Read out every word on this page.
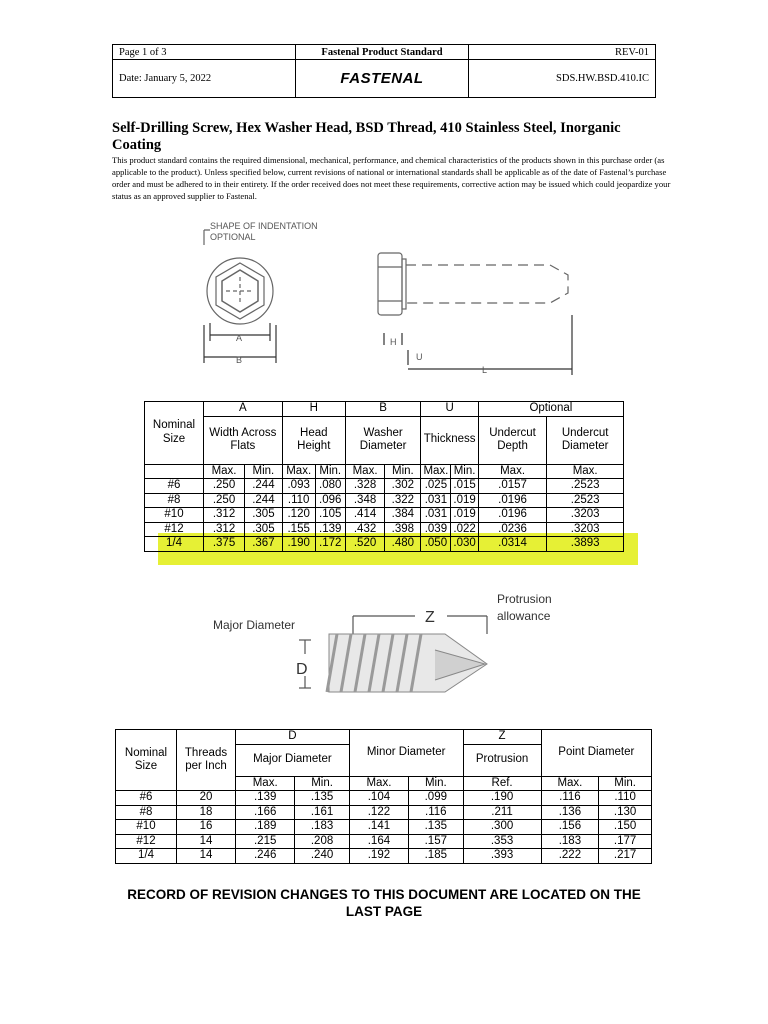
Page 1 of 3	Fastenal Product Standard	REV-01
Date: January 5, 2022	FASTENAL	SDS.HW.BSD.410.IC
Self-Drilling Screw, Hex Washer Head, BSD Thread, 410 Stainless Steel, Inorganic Coating

This product standard contains the required dimensional, mechanical, performance, and chemical characteristics of the products shown in this purchase order (as applicable to the product). Unless specified below, current revisions of national or international standards shall be applicable as of the date of Fastenal’s purchase order and must be adhered to in their entirety. If the order received does not meet these requirements, corrective action may be issued which could jeopardize your status as an approved supplier to Fastenal.

SHAPE OF INDENTATION
OPTIONAL
A
B
H
U
L
Nominal Size	A		H		B		U		Optional	
	Width Across Flats		Head Height		Washer Diameter		Thickness		Undercut Depth	Undercut Diameter
	Max.	Min.	Max.	Min.	Max.	Min.	Max.	Min.	Max.	Max.
#6	.250	.244	.093	.080	.328	.302	.025	.015	.0157	.2523
#8	.250	.244	.110	.096	.348	.322	.031	.019	.0196	.2523
#10	.312	.305	.120	.105	.414	.384	.031	.019	.0196	.3203
#12	.312	.305	.155	.139	.432	.398	.039	.022	.0236	.3203
1/4	.375	.367	.190	.172	.520	.480	.050	.030	.0314	.3893
Major Diameter	Z
D
Protrusion
allowance
Nominal Size	Threads per Inch	D		Minor Diameter		Z	Point Diameter	
		Major Diameter				Protrusion		
		Max.	Min.	Max.	Min.	Ref.	Max.	Min.
#6	20	.139	.135	.104	.099	.190	.116	.110
#8	18	.166	.161	.122	.116	.211	.136	.130
#10	16	.189	.183	.141	.135	.300	.156	.150
#12	14	.215	.208	.164	.157	.353	.183	.177
1/4	14	.246	.240	.192	.185	.393	.222	.217

RECORD OF REVISION CHANGES TO THIS DOCUMENT ARE LOCATED ON THE LAST PAGE
